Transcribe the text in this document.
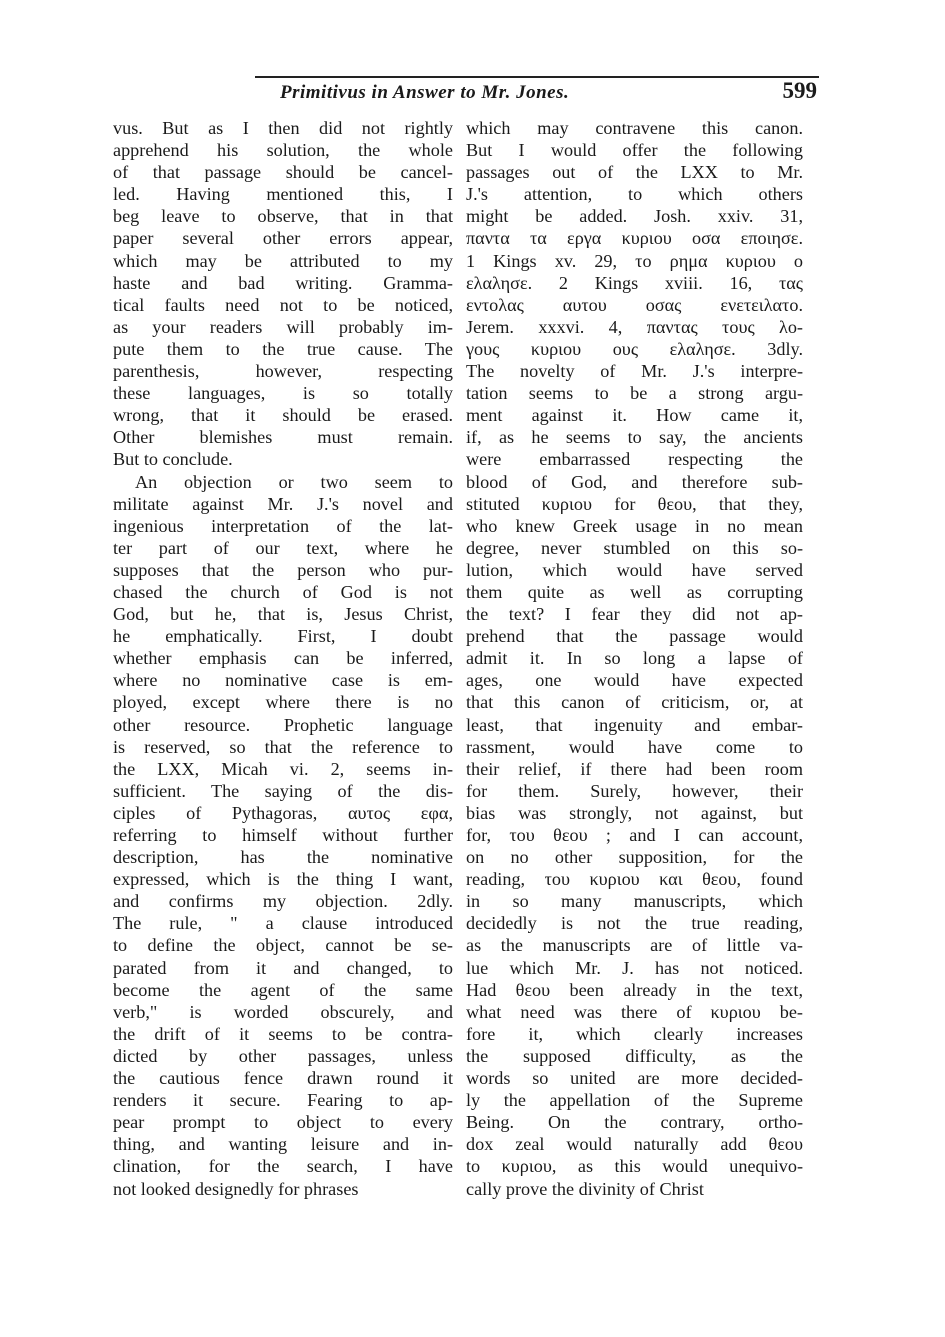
Primitivus in Answer to Mr. Jones.	599
vus. But as I then did not rightly
apprehend his solution, the whole
of that passage should be cancel-
led. Having mentioned this, I
beg leave to observe, that in that
paper several other errors appear,
which may be attributed to my
haste and bad writing. Gramma-
tical faults need not to be noticed,
as your readers will probably im-
pute them to the true cause. The
parenthesis, however, respecting
these languages, is so totally
wrong, that it should be erased.
Other blemishes must remain.
But to conclude.
An objection or two seem to
militate against Mr. J.'s novel and
ingenious interpretation of the lat-
ter part of our text, where he
supposes that the person who pur-
chased the church of God is not
God, but he, that is, Jesus Christ,
he emphatically. First, I doubt
whether emphasis can be inferred,
where no nominative case is em-
ployed, except where there is no
other resource. Prophetic language
is reserved, so that the reference to
the LXX, Micah vi. 2, seems in-
sufficient. The saying of the dis-
ciples of Pythagoras, αυτος εφα,
referring to himself without further
description, has the nominative
expressed, which is the thing I want,
and confirms my objection. 2dly.
The rule, " a clause introduced
to define the object, cannot be se-
parated from it and changed, to
become the agent of the same
verb," is worded obscurely, and
the drift of it seems to be contra-
dicted by other passages, unless
the cautious fence drawn round it
renders it secure. Fearing to ap-
pear prompt to object to every
thing, and wanting leisure and in-
clination, for the search, I have
not looked designedly for phrases
which may contravene this canon.
But I would offer the following
passages out of the LXX to Mr.
J.'s attention, to which others
might be added. Josh. xxiv. 31,
παντα τα εργα κυριου οσα εποιησε.
1 Kings xv. 29, το ρημα κυριου ο
ελαλησε. 2 Kings xviii. 16, τας
εντολας αυτου οσας ενετειλατο.
Jerem. xxxvi. 4, παντας τους λο-
γους κυριου ους ελαλησε. 3dly.
The novelty of Mr. J.'s interpre-
tation seems to be a strong argu-
ment against it. How came it,
if, as he seems to say, the ancients
were embarrassed respecting the
blood of God, and therefore sub-
stituted κυριου for θεου, that they,
who knew Greek usage in no mean
degree, never stumbled on this so-
lution, which would have served
them quite as well as corrupting
the text? I fear they did not ap-
prehend that the passage would
admit it. In so long a lapse of
ages, one would have expected
that this canon of criticism, or, at
least, that ingenuity and embar-
rassment, would have come to
their relief, if there had been room
for them. Surely, however, their
bias was strongly, not against, but
for, του θεου ; and I can account,
on no other supposition, for the
reading, του κυριου και θεου, found
in so many manuscripts, which
decidedly is not the true reading,
as the manuscripts are of little va-
lue which Mr. J. has not noticed.
Had θεου been already in the text,
what need was there of κυριου be-
fore it, which clearly increases
the supposed difficulty, as the
words so united are more decided-
ly the appellation of the Supreme
Being. On the contrary, ortho-
dox zeal would naturally add θεου
to κυριου, as this would unequivo-
cally prove the divinity of Christ
